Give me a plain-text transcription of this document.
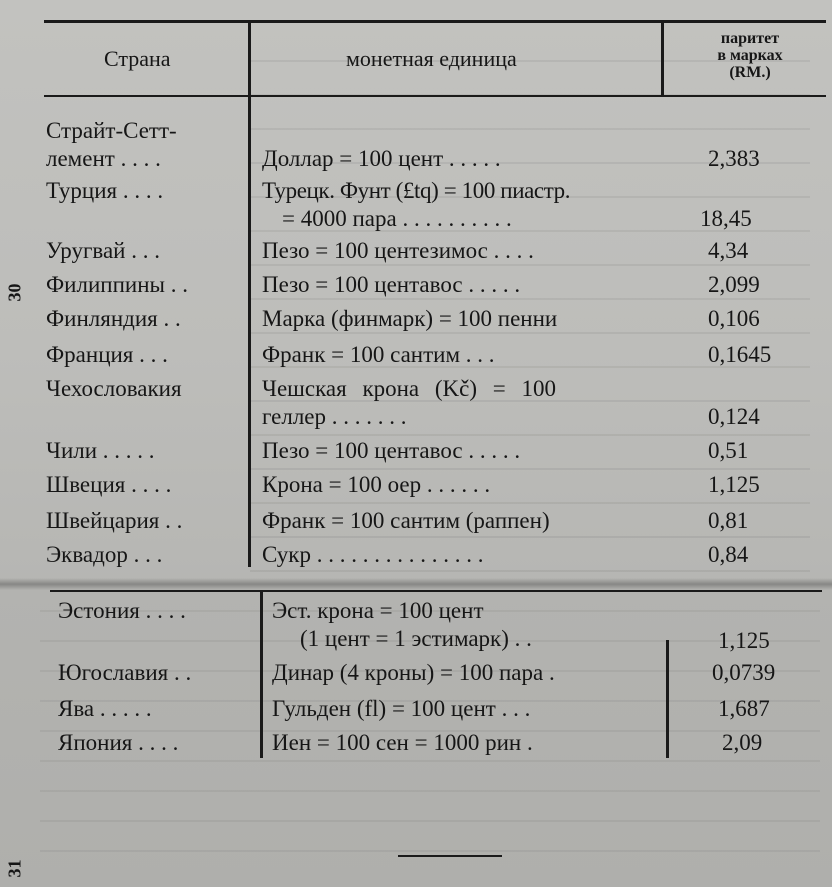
30
31
Страна	монетная единица
паритет
в марках
(RM.)
Страйт-Сетт-
лемент . . . .	Доллар = 100 цент . . . . .	2,383
Турция . . . .	Турецк. Фунт (£tq) = 100 пиастр.
= 4000 пара . . . . . . . . . .	18,45
Уругвай . . .	Пезо = 100 центезимос . . . .	4,34
Филиппины . .	Пезо = 100 центавос . . . . .	2,099
Финляндия . .	Марка (финмарк) = 100 пенни	0,106
Франция . . .	Франк = 100 сантим . . .	0,1645
Чехословакия	Чешская крона (Kč) = 100
геллер . . . . . . .	0,124
Чили . . . . .	Пезо = 100 центавос . . . . .	0,51
Швеция . . . .	Крона = 100 оер . . . . . .	1,125
Швейцария . .	Франк = 100 сантим (раппен)	0,81
Эквадор . . .	Сукр . . . . . . . . . . . . . . .	0,84
Эстония . . . .	Эст. крона = 100 цент
(1 цент = 1 эстимарк) . .	1,125
Югославия . .	Динар (4 кроны) = 100 пара .	0,0739
Ява . . . . .	Гульден (fl) = 100 цент . . .	1,687
Япония . . . .	Иен = 100 сен = 1000 рин .	2,09
